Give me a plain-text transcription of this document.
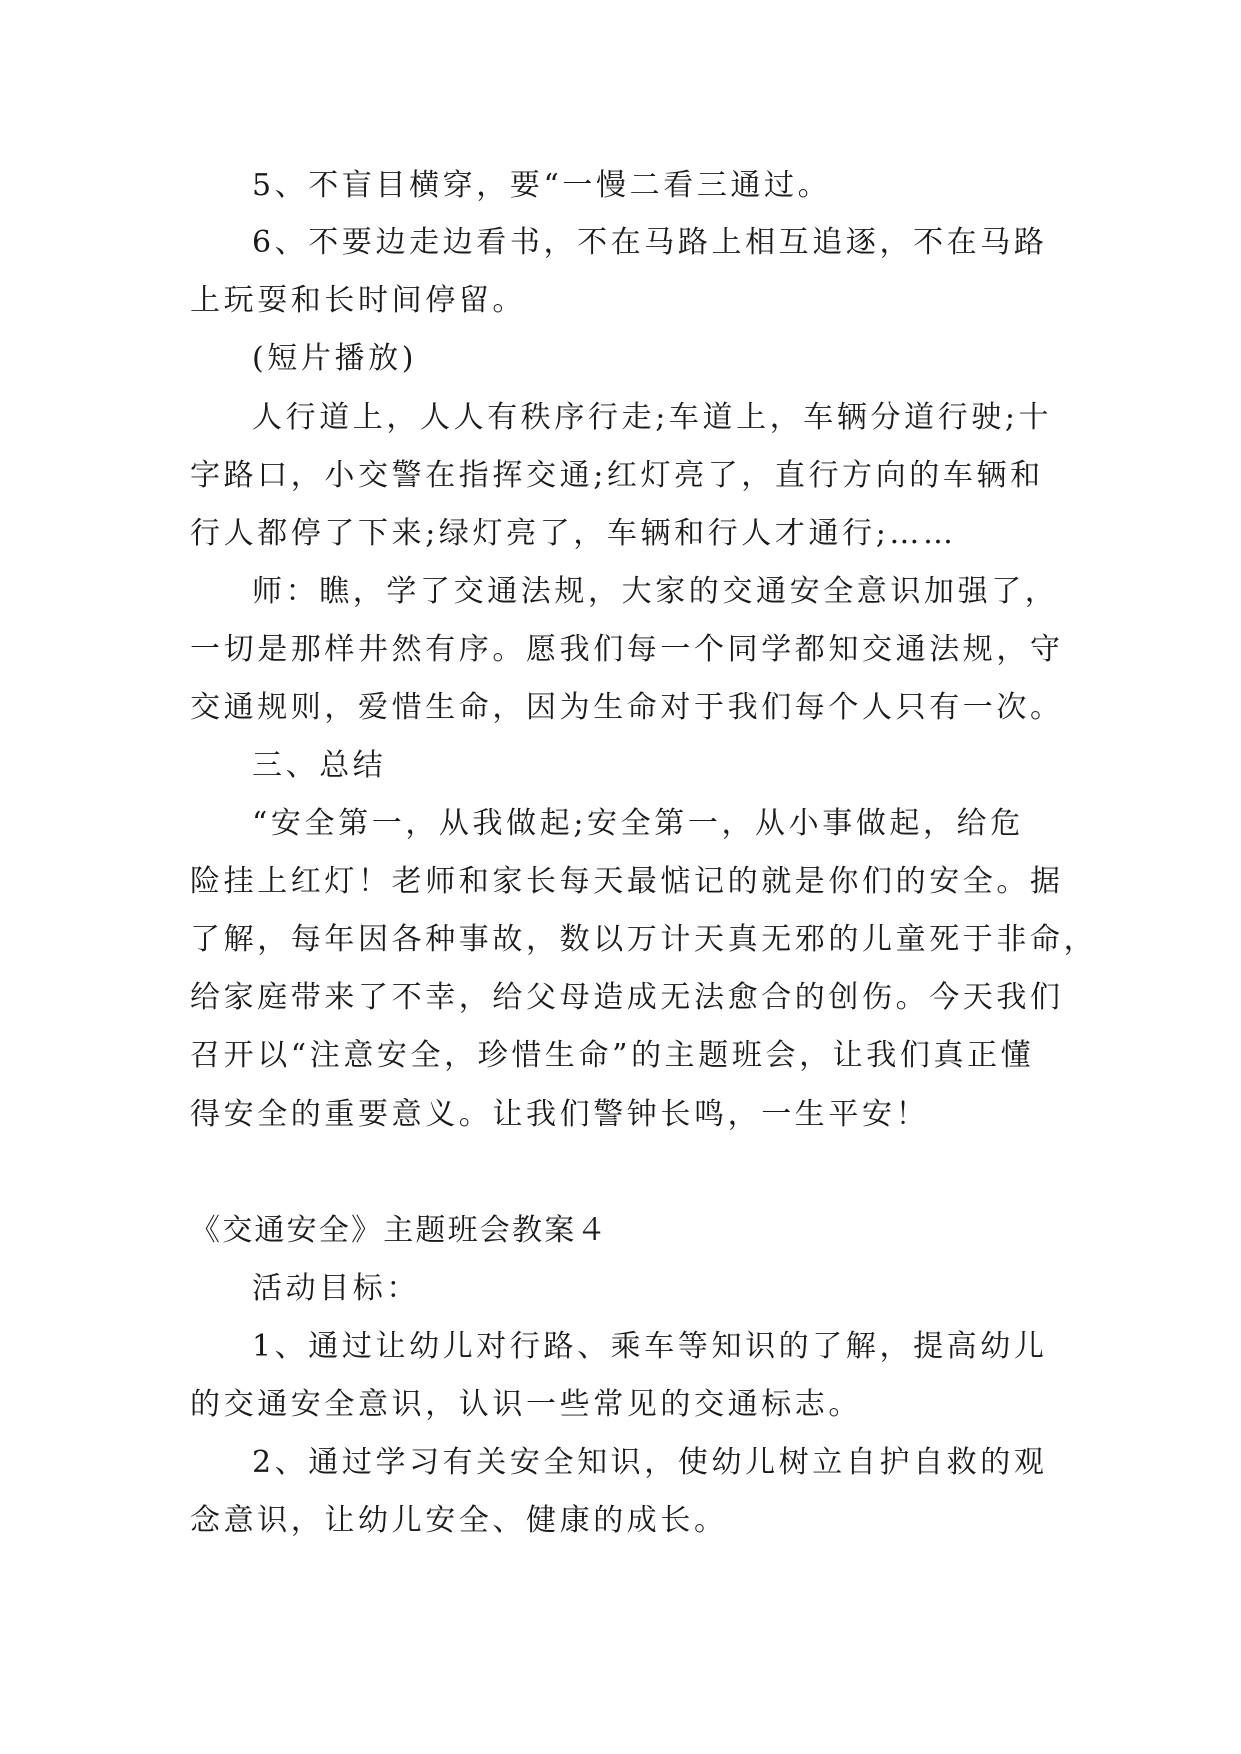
5、不盲目横穿，要“一慢二看三通过。
6、不要边走边看书，不在马路上相互追逐，不在马路
上玩耍和长时间停留。
(短片播放)
人行道上，人人有秩序行走;车道上，车辆分道行驶;十
字路口，小交警在指挥交通;红灯亮了，直行方向的车辆和
行人都停了下来;绿灯亮了，车辆和行人才通行;……
师：瞧，学了交通法规，大家的交通安全意识加强了，
一切是那样井然有序。愿我们每一个同学都知交通法规，守
交通规则，爱惜生命，因为生命对于我们每个人只有一次。
三、总结
“安全第一，从我做起;安全第一，从小事做起，给危
险挂上红灯！老师和家长每天最惦记的就是你们的安全。据
了解，每年因各种事故，数以万计天真无邪的儿童死于非命，
给家庭带来了不幸，给父母造成无法愈合的创伤。今天我们
召开以“注意安全，珍惜生命”的主题班会，让我们真正懂
得安全的重要意义。让我们警钟长鸣，一生平安！
《交通安全》主题班会教案４
活动目标：
1、通过让幼儿对行路、乘车等知识的了解，提高幼儿
的交通安全意识，认识一些常见的交通标志。
2、通过学习有关安全知识，使幼儿树立自护自救的观
念意识，让幼儿安全、健康的成长。
